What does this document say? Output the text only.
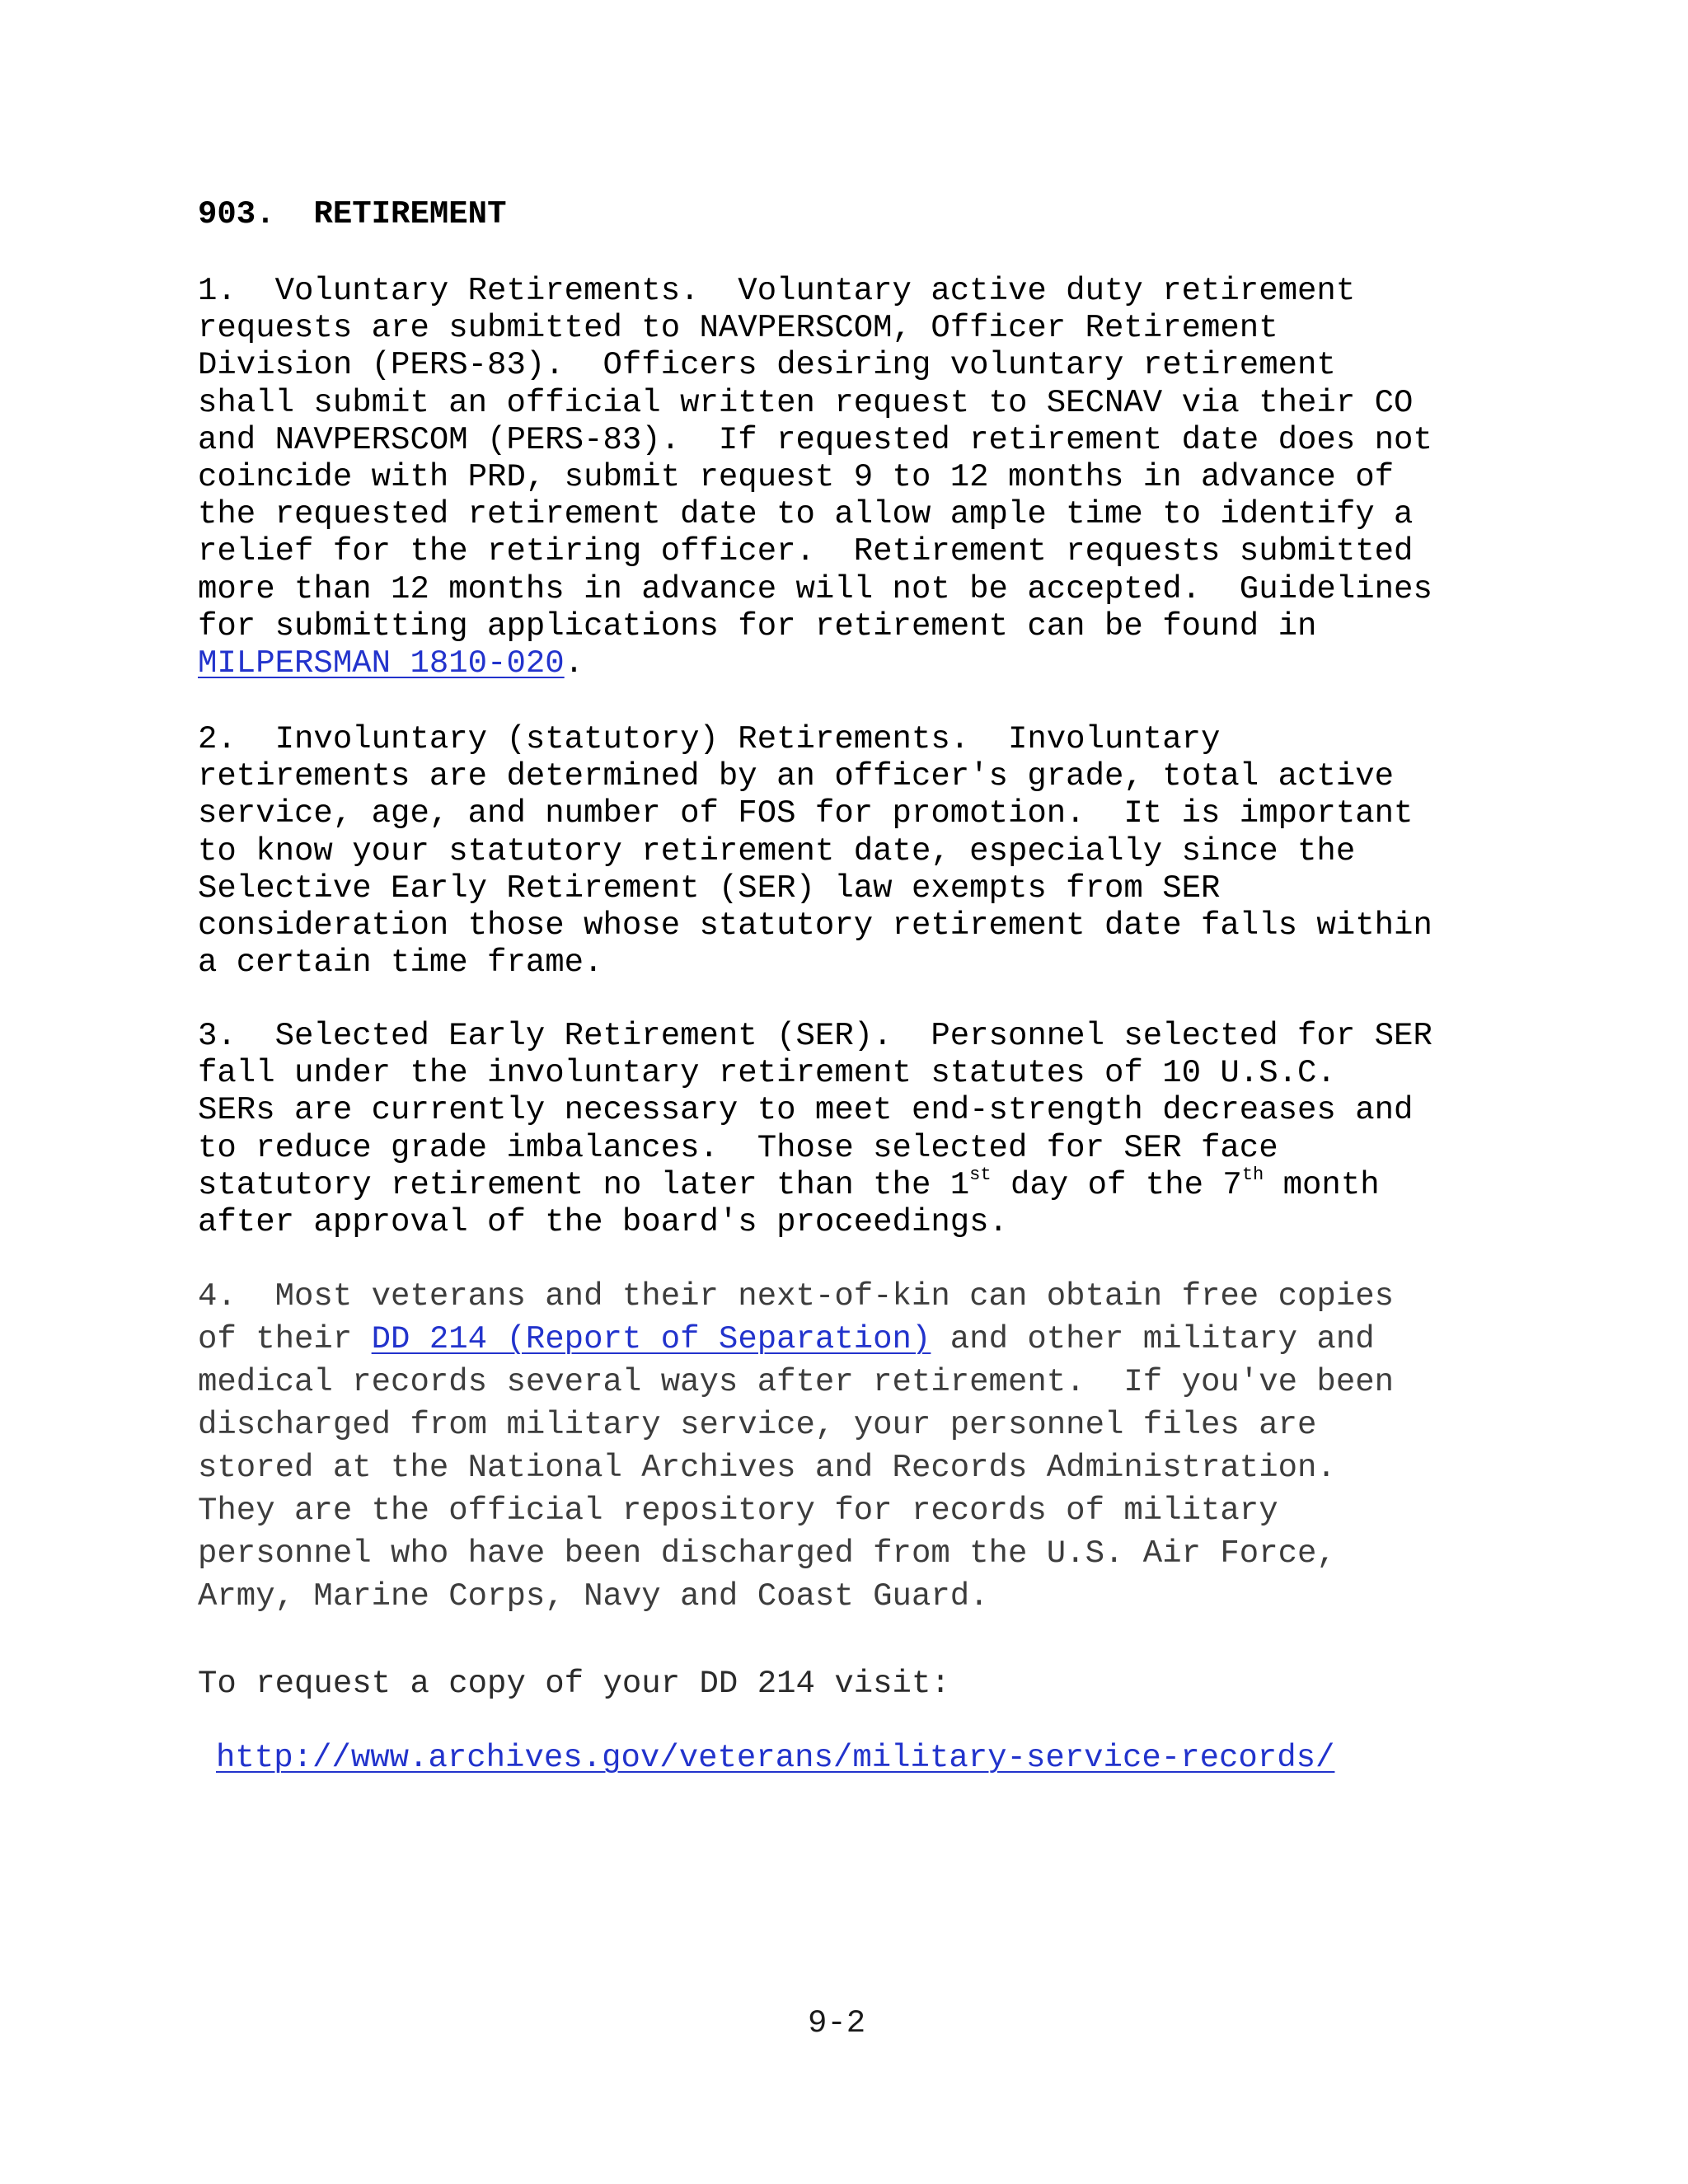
903. RETIREMENT
1.  Voluntary Retirements.  Voluntary active duty retirement
requests are submitted to NAVPERSCOM, Officer Retirement
Division (PERS-83).  Officers desiring voluntary retirement
shall submit an official written request to SECNAV via their CO
and NAVPERSCOM (PERS-83).  If requested retirement date does not
coincide with PRD, submit request 9 to 12 months in advance of
the requested retirement date to allow ample time to identify a
relief for the retiring officer.  Retirement requests submitted
more than 12 months in advance will not be accepted.  Guidelines
for submitting applications for retirement can be found in
MILPERSMAN 1810-020.
2.  Involuntary (statutory) Retirements.  Involuntary
retirements are determined by an officer's grade, total active
service, age, and number of FOS for promotion.  It is important
to know your statutory retirement date, especially since the
Selective Early Retirement (SER) law exempts from SER
consideration those whose statutory retirement date falls within
a certain time frame.
3.  Selected Early Retirement (SER).  Personnel selected for SER
fall under the involuntary retirement statutes of 10 U.S.C.
SERs are currently necessary to meet end-strength decreases and
to reduce grade imbalances.  Those selected for SER face
statutory retirement no later than the 1st day of the 7th month
after approval of the board's proceedings.
4.  Most veterans and their next-of-kin can obtain free copies
of their DD 214 (Report of Separation) and other military and
medical records several ways after retirement.  If you've been
discharged from military service, your personnel files are
stored at the National Archives and Records Administration.
They are the official repository for records of military
personnel who have been discharged from the U.S. Air Force,
Army, Marine Corps, Navy and Coast Guard.
To request a copy of your DD 214 visit:
http://www.archives.gov/veterans/military-service-records/
9-2
